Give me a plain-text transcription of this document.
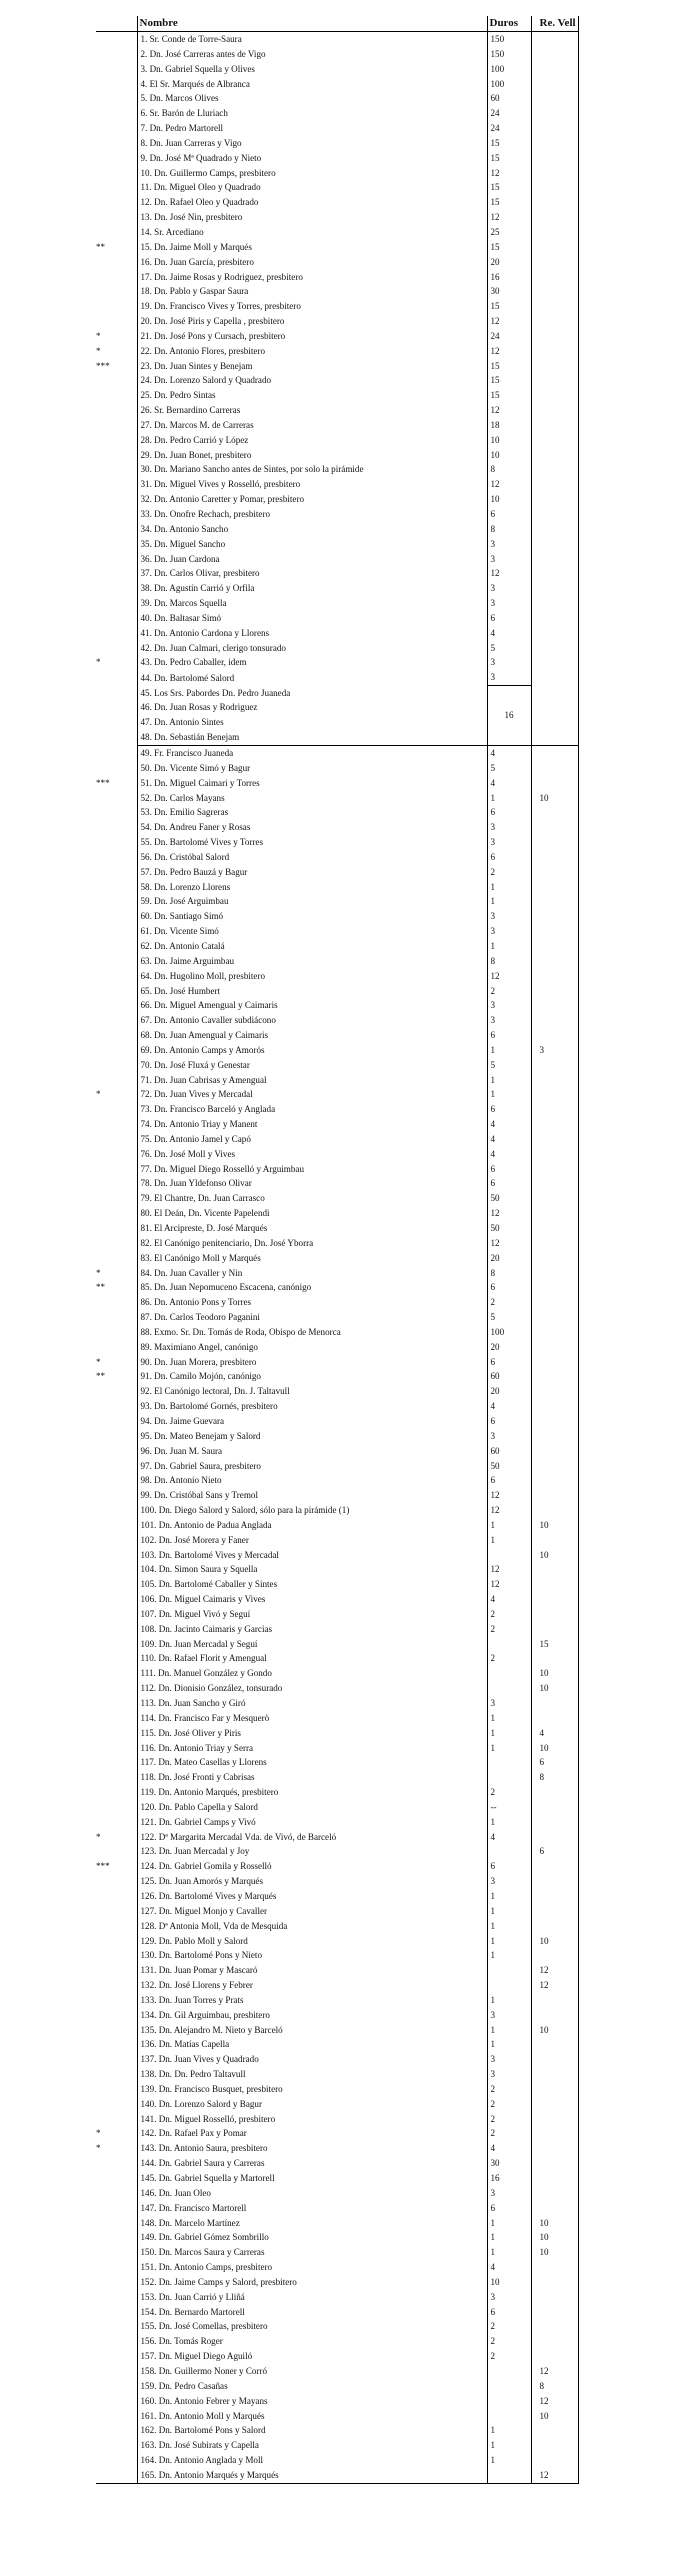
	Nombre	Duros	Re. Vell
	1. Sr. Conde de Torre-Saura	150	
	2. Dn. José Carreras antes de Vigo	150	
	3. Dn. Gabriel Squella y Olives	100	
	4. El Sr. Marqués de Albranca	100	
	5. Dn. Marcos Olives	60	
	6. Sr. Barón de Lluriach	24	
	7. Dn. Pedro Martorell	24	
	8. Dn. Juan Carreras y Vigo	15	
	9. Dn. José Mª Quadrado y Nieto	15	
	10. Dn. Guillermo Camps, presbitero	12	
	11. Dn. Miguel Oleo y Quadrado	15	
	12. Dn. Rafael Oleo y Quadrado	15	
	13. Dn. José Nin, presbitero	12	
	14. Sr. Arcediano	25	
**	15. Dn. Jaime Moll y Marqués	15	
	16. Dn. Juan García, presbitero	20	
	17. Dn. Jaime Rosas y Rodriguez, presbitero	16	
	18. Dn. Pablo y Gaspar Saura	30	
	19. Dn. Francisco Vives y Torres, presbitero	15	
	20. Dn. José Piris y Capella , presbitero	12	
*	21. Dn. José Pons y Cursach, presbitero	24	
*	22. Dn. Antonio Flores, presbitero	12	
***	23. Dn. Juan Sintes y Benejam	15	
	24. Dn. Lorenzo Salord y Quadrado	15	
	25. Dn. Pedro Sintas	15	
	26. Sr. Bernardino Carreras	12	
	27. Dn. Marcos M. de Carreras	18	
	28. Dn. Pedro Carrió y López	10	
	29. Dn. Juan Bonet, presbitero	10	
	30. Dn. Mariano Sancho antes de Sintes, por solo la pirámide	8	
	31. Dn. Miguel Vives y Rosselló, presbitero	12	
	32. Dn. Antonio Caretter y Pomar, presbitero	10	
	33. Dn. Onofre Rechach, presbitero	6	
	34. Dn. Antonio Sancho	8	
	35. Dn. Miguel Sancho	3	
	36. Dn. Juan Cardona	3	
	37. Dn. Carlos Olivar, presbitero	12	
	38. Dn. Agustín Carrió y Orfila	3	
	39. Dn. Marcos Squella	3	
	40. Dn. Baltasar Simó	6	
	41. Dn. Antonio Cardona y Llorens	4	
	42. Dn. Juan Calmari, clerigo tonsurado	5	
*	43. Dn. Pedro Caballer, idem	3	
	44. Dn. Bartolomé Salord	3	
	45. Los Srs. Pabordes Dn. Pedro Juaneda	16	
	46. Dn. Juan Rosas y Rodriguez		
	47. Dn. Antonio Sintes		
	48. Dn. Sebastián Benejam		
	49. Fr. Francisco Juaneda	4	
	50. Dn. Vicente Simó y Bagur	5	
***	51. Dn. Miguel Caimari y Torres	4	
	52. Dn. Carlos Mayans	1	10
	53. Dn. Emilio Sagreras	6	
	54. Dn. Andreu Faner y Rosas	3	
	55. Dn. Bartolomé Vives y Torres	3	
	56. Dn. Cristóbal Salord	6	
	57. Dn. Pedro Bauzá y Bagur	2	
	58. Dn. Lorenzo Llorens	1	
	59. Dn. José Arguimbau	1	
	60. Dn. Santiago Simó	3	
	61. Dn. Vicente Simó	3	
	62. Dn. Antonio Catalá	1	
	63. Dn. Jaime Arguimbau	8	
	64. Dn. Hugolino Moll, presbitero	12	
	65. Dn. José Humbert	2	
	66. Dn. Miguel Amengual y Caimaris	3	
	67. Dn. Antonio Cavaller subdiácono	3	
	68. Dn. Juan Amengual y Caimaris	6	
	69. Dn. Antonio Camps y Amorós	1	3
	70. Dn. José Fluxá y Genestar	5	
	71. Dn. Juan Cabrisas y Amengual	1	
*	72. Dn. Juan Vives y Mercadal	1	
	73. Dn. Francisco Barceló y Anglada	6	
	74. Dn. Antonio Triay y Manent	4	
	75. Dn. Antonio Jamel y Capó	4	
	76. Dn. José Moll y Vives	4	
	77. Dn. Miguel Diego Rosselló y Arguimbau	6	
	78. Dn. Juan Yldefonso Olivar	6	
	79. El Chantre, Dn. Juan Carrasco	50	
	80. El Deán, Dn. Vicente Papelendi	12	
	81. El Arcipreste, D. José Marqués	50	
	82. El Canónigo penitenciario, Dn. José Yborra	12	
	83. El Canónigo Moll y Marqués	20	
*	84. Dn. Juan Cavaller y Nin	8	
**	85. Dn. Juan Nepomuceno Escacena, canónigo	6	
	86. Dn. Antonio Pons y Torres	2	
	87. Dn. Carlos Teodoro Paganini	5	
	88. Exmo. Sr. Dn. Tomás de Roda, Obispo de Menorca	100	
	89. Maximiano Angel, canónigo	20	
*	90. Dn. Juan Morera, presbitero	6	
**	91. Dn. Camilo Mojón, canónigo	60	
	92. El Canónigo lectoral, Dn. J. Taltavull	20	
	93. Dn. Bartolomé Gornés, presbitero	4	
	94. Dn. Jaime Guevara	6	
	95. Dn. Mateo Benejam y Salord	3	
	96. Dn. Juan M. Saura	60	
	97. Dn. Gabriel Saura, presbitero	50	
	98. Dn. Antonio Nieto	6	
	99. Dn. Cristóbal Sans y Tremol	12	
	100. Dn. Diego Salord y Salord, sólo para la pirámide (1)	12	
	101. Dn. Antonio de Padua Anglada	1	10
	102. Dn. José Morera y Faner	1	
	103. Dn. Bartolomé Vives y Mercadal		10
	104. Dn. Simon Saura y Squella	12	
	105. Dn. Bartolomé Caballer y Sintes	12	
	106. Dn. Miguel Caimaris y Vives	4	
	107. Dn. Miguel Vivó y Seguí	2	
	108. Dn. Jacinto Caimaris y Garcias	2	
	109. Dn. Juan Mercadal y Seguí		15
	110. Dn. Rafael Florit y Amengual	2	
	111. Dn. Manuel González y Gondo		10
	112. Dn. Dionisio González, tonsurado		10
	113. Dn. Juan Sancho y Giró	3	
	114. Dn. Francisco Far y Mesquerò	1	
	115. Dn. José Oliver y Piris	1	4
	116. Dn. Antonio Triay y Serra	1	10
	117. Dn. Mateo Casellas y Llorens		6
	118. Dn. José Fronti y Cabrisas		8
	119. Dn. Antonio Marqués, presbitero	2	
	120. Dn. Pablo Capella y Salord	--	
	121. Dn. Gabriel Camps y Vivó	1	
*	122. Dª Margarita Mercadal Vda. de Vivó, de Barceló	4	
	123. Dn. Juan Mercadal y Joy		6
***	124. Dn. Gabriel Gomila y Rosselló	6	
	125. Dn. Juan Amorós y Marqués	3	
	126. Dn. Bartolomé Vives y Marqués	1	
	127. Dn. Miguel Monjo y Cavaller	1	
	128. Dª Antonia Moll, Vda de Mesquida	1	
	129. Dn. Pablo Moll y Salord	1	10
	130. Dn. Bartolomé Pons y Nieto	1	
	131. Dn. Juan Pomar y Mascaró		12
	132. Dn. José Llorens y Febrer		12
	133. Dn. Juan Torres y Prats	1	
	134. Dn. Gil Arguimbau, presbitero	3	
	135. Dn. Alejandro M. Nieto y Barceló	1	10
	136. Dn. Matías Capella	1	
	137. Dn. Juan Vives y Quadrado	3	
	138. Dn. Dn. Pedro Taltavull	3	
	139. Dn. Francisco Busquet, presbitero	2	
	140. Dn. Lorenzo Salord y Bagur	2	
	141. Dn. Miguel Rosselló, presbitero	2	
*	142. Dn. Rafael Pax y Pomar	2	
*	143. Dn. Antonio Saura, presbitero	4	
	144. Dn. Gabriel Saura y Carreras	30	
	145. Dn. Gabriel Squella y Martorell	16	
	146. Dn. Juan Oleo	3	
	147. Dn. Francisco Martorell	6	
	148. Dn. Marcelo Martínez	1	10
	149. Dn. Gabriel Gómez Sombrillo	1	10
	150. Dn. Marcos Saura y Carreras	1	10
	151. Dn. Antonio Camps, presbitero	4	
	152. Dn. Jaime Camps y Salord, presbitero	10	
	153. Dn. Juan Carrió y Lliñá	3	
	154. Dn. Bernardo Martorell	6	
	155. Dn. José Comellas, presbitero	2	
	156. Dn. Tomás Roger	2	
	157. Dn. Miguel Diego Aguiló	2	
	158. Dn. Guillermo Noner y Corró		12
	159. Dn. Pedro Casañas		8
	160. Dn. Antonio Febrer y Mayans		12
	161. Dn. Antonio Moll y Marqués		10
	162. Dn. Bartolomé Pons y Salord	1	
	163. Dn. José Subirats y Capella	1	
	164. Dn. Antonio Anglada y Moll	1	
	165. Dn. Antonio Marqués y Marqués		12
